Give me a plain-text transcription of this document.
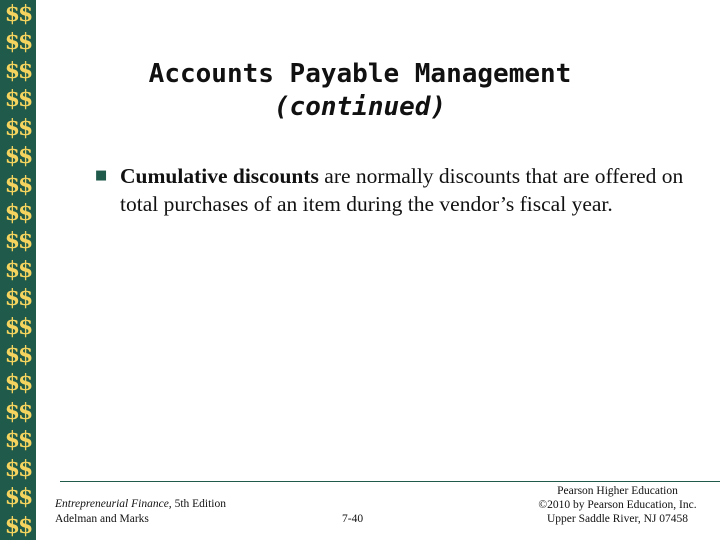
$$
$$
$$
$$
$$
$$
$$
$$
$$
$$
$$
$$
$$
$$
$$
$$
$$
$$
$$
Accounts Payable Management
(continued)
■ Cumulative discounts are normally discounts that are offered on total purchases of an item during the vendor’s fiscal year.
Entrepreneurial Finance, 5th Edition
Adelman and Marks	7-40
Pearson Higher Education
©2010 by Pearson Education, Inc.
Upper Saddle River, NJ 07458
